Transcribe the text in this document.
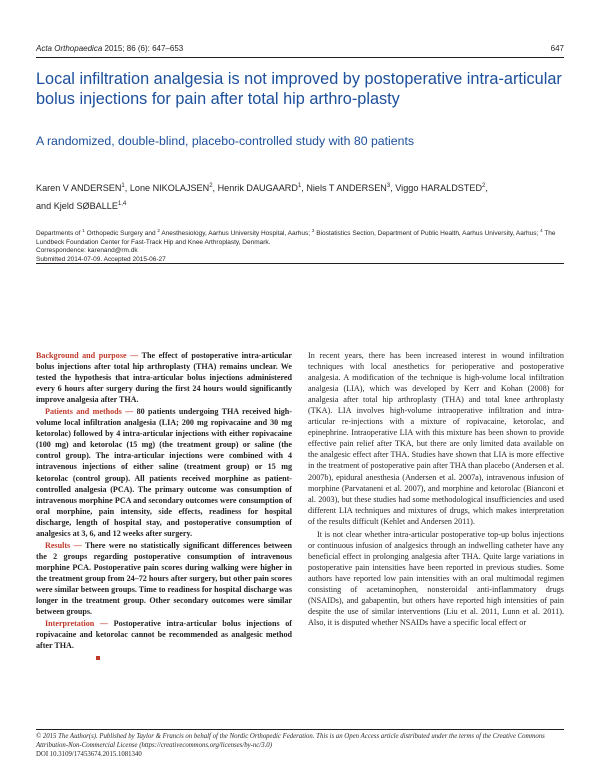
Acta Orthopaedica 2015; 86 (6): 647–653	647
Local infiltration analgesia is not improved by postoperative intra-articular bolus injections for pain after total hip arthro-plasty
A randomized, double-blind, placebo-controlled study with 80 patients
Karen V ANDERSEN$^1$, Lone NIKOLAJSEN$^2$, Henrik DAUGAARD$^1$, Niels T ANDERSEN$^3$, Viggo HARALDSTED$^2$,
and Kjeld SØBALLE$^{1,4}$
Departments of $^1$ Orthopedic Surgery and $^2$ Anesthesiology, Aarhus University Hospital, Aarhus; $^3$ Biostatistics Section, Department of Public Health, Aarhus University, Aarhus; $^4$ The Lundbeck Foundation Center for Fast-Track Hip and Knee Arthroplasty, Denmark.
Correspondence: karenand@rm.dk
Submitted 2014-07-09. Accepted 2015-06-27

Background and purpose — The effect of postoperative intra-articular bolus injections after total hip arthroplasty (THA) remains unclear. We tested the hypothesis that intra-articular bolus injections administered every 6 hours after surgery during the first 24 hours would significantly improve analgesia after THA.

Patients and methods — 80 patients undergoing THA received high-volume local infiltration analgesia (LIA; 200 mg ropivacaine and 30 mg ketorolac) followed by 4 intra-articular injections with either ropivacaine (100 mg) and ketorolac (15 mg) (the treatment group) or saline (the control group). The intra-articular injections were combined with 4 intravenous injections of either saline (treatment group) or 15 mg ketorolac (control group). All patients received morphine as patient-controlled analgesia (PCA). The primary outcome was consumption of intravenous morphine PCA and secondary outcomes were consumption of oral morphine, pain intensity, side effects, readiness for hospital discharge, length of hospital stay, and postoperative consumption of analgesics at 3, 6, and 12 weeks after surgery.

Results — There were no statistically significant differences between the 2 groups regarding postoperative consumption of intravenous morphine PCA. Postoperative pain scores during walking were higher in the treatment group from 24–72 hours after surgery, but other pain scores were similar between groups. Time to readiness for hospital discharge was longer in the treatment group. Other secondary outcomes were similar between groups.

Interpretation — Postoperative intra-articular bolus injections of ropivacaine and ketorolac cannot be recommended as analgesic method after THA.

In recent years, there has been increased interest in wound infiltration techniques with local anesthetics for perioperative and postoperative analgesia. A modification of the technique is high-volume local infiltration analgesia (LIA), which was developed by Kerr and Kohan (2008) for analgesia after total hip arthroplasty (THA) and total knee arthroplasty (TKA). LIA involves high-volume intraoperative infiltration and intra-articular re-injections with a mixture of ropivacaine, ketorolac, and epinephrine. Intraoperative LIA with this mixture has been shown to provide effective pain relief after TKA, but there are only limited data available on the analgesic effect after THA. Studies have shown that LIA is more effective in the treatment of postoperative pain after THA than placebo (Andersen et al. 2007b), epidural anesthesia (Andersen et al. 2007a), intravenous infusion of morphine (Parvataneni et al. 2007), and morphine and ketorolac (Bianconi et al. 2003), but these studies had some methodological insufficiencies and used different LIA techniques and mixtures of drugs, which makes interpretation of the results difficult (Kehlet and Andersen 2011).

It is not clear whether intra-articular postoperative top-up bolus injections or continuous infusion of analgesics through an indwelling catheter have any beneficial effect in prolonging analgesia after THA. Quite large variations in postoperative pain intensities have been reported in previous studies. Some authors have reported low pain intensities with an oral multimodal regimen consisting of acetaminophen, nonsteroidal anti-inflammatory drugs (NSAIDs), and gabapentin, but others have reported high intensities of pain despite the use of similar interventions (Liu et al. 2011, Lunn et al. 2011). Also, it is disputed whether NSAIDs have a specific local effect or

© 2015 The Author(s). Published by Taylor & Francis on behalf of the Nordic Orthopedic Federation. This is an Open Access article distributed under the terms of the Creative Commons Attribution-Non-Commercial License (https://creativecommons.org/licenses/by-nc/3.0)
DOI 10.3109/17453674.2015.1081340
